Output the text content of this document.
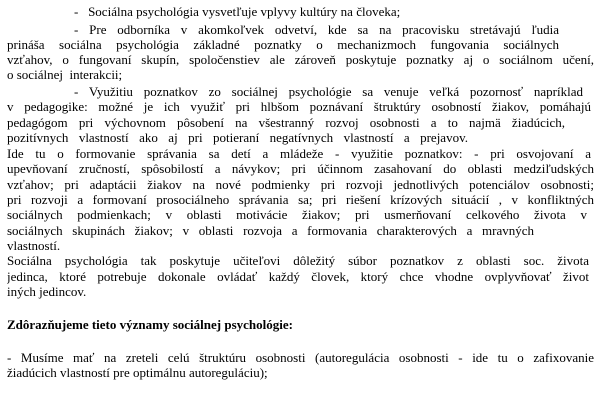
-   Sociálna psychológia vysvetľuje vplyvy kultúry na človeka;
- Pre odborníka v akomkoľvek odvetví, kde sa na pracovisku stretávajú ľudia
prináša sociálna psychológia základné poznatky o mechanizmoch fungovania sociálnych
vzťahov, o fungovaní skupín, spoločenstiev ale zároveň poskytuje poznatky aj o sociálnom učení,
o sociálnej  interakcii;
- Využitiu poznatkov zo sociálnej psychológie sa venuje veľká pozornosť napríklad
v pedagogike: možné je ich využiť pri hlbšom poznávaní štruktúry osobností žiakov, pomáhajú
pedagógom pri výchovnom pôsobení na všestranný rozvoj osobnosti a to najmä žiadúcich,
pozitívnych vlastností ako aj pri potieraní negatívnych vlastností a prejavov.
Ide tu o formovanie správania sa detí a mládeže - využitie poznatkov: - pri osvojovaní a
upevňovaní zručností, spôsobilostí a návykov; pri účinnom zasahovaní do oblasti medziľudských
vzťahov; pri adaptácii žiakov na nové podmienky pri rozvoji jednotlivých potenciálov osobnosti;
pri rozvoji a formovaní prosociálneho správania sa; pri riešení krízových situácií , v konfliktných
sociálnych podmienkach; v oblasti motivácie žiakov; pri usmerňovaní celkového života v
sociálnych skupinách žiakov; v oblasti rozvoja a formovania charakterových a mravných
vlastností.
Sociálna psychológia tak poskytuje učiteľovi dôležitý súbor poznatkov z oblasti soc. života
jedinca, ktoré potrebuje dokonale ovládať každý človek, ktorý chce vhodne ovplyvňovať život
iných jedincov.
Zdôrazňujeme tieto významy sociálnej psychológie:
- Musíme mať na zreteli celú štruktúru osobnosti (autoregulácia osobnosti - ide tu o zafixovanie
žiadúcich vlastností pre optimálnu autoreguláciu);
